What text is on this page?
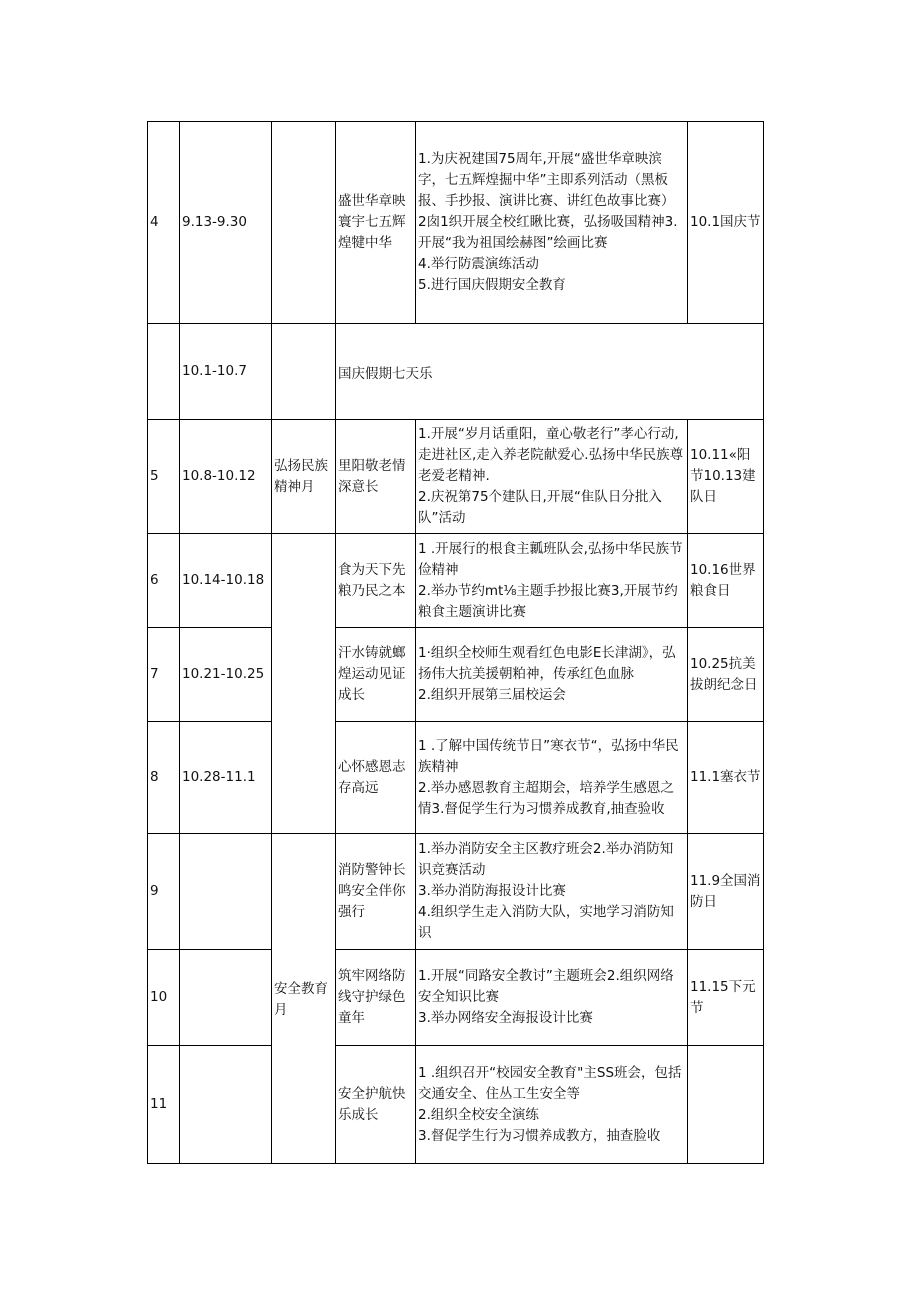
4	9.13-9.30		盛世华章映寰宇七五辉煌犍中华	1.为庆祝建国75周年,开展“盛世华章映滨字，七五辉煌掘中华”主即系列活动（黑板报、手抄报、演讲比赛、讲红色故事比赛）
2囱1织开展全校红瞅比赛，弘扬吸国精神3.开展“我为祖国绘赫图”绘画比赛
4.举行防震演练活动
5.进行国庆假期安全教育	10.1国庆节
	10.1-10.7		国庆假期七天乐		
5	10.8-10.12	弘扬民族精神月	里阳敬老情深意长	1.开展“岁月话重阳，童心敬老行”孝心行动,走进社区,走入养老院献爱心.弘扬中华民族尊老爱老精神.
2.庆祝第75个建队日,开展“隹队日分批入队”活动	10.11«阳节10.13建队日
6	10.14-10.18		食为天下先粮乃民之本	1 .开展行的根食主瓤班队会,弘扬中华民族节俭精神
2.举办节约mt⅛主题手抄报比赛3,开展节约粮食主题演讲比赛	10.16世界粮食日
7	10.21-10.25		汗水铸就螂煌运动见证成长	1·组织全校师生观看红色电影E长津湖》，弘扬伟大抗美援朝粕神，传承红色血脉
2.组织开展第三届校运会	10.25抗美拔朗纪念日
8	10.28-11.1		心怀感恩志存高远	1 .了解中国传统节日”寒衣节“，弘扬中华民族精神
2.举办感恩教育主超期会，培养学生感恩之情3.督促学生行为习惯养成教育,抽查验收	11.1塞衣节
9		安全教育月	消防警钟长鸣安全伴你强行	1.举办消防安全主区教疗班会2.举办消防知识竞赛活动
3.举办消防海报设计比赛
4.组织学生走入消防大队，实地学习消防知识	11.9全国消防日
10			筑牢网络防线守护绿色童年	1.开展“同路安全教讨”主题班会2.组织网络安全知识比赛
3.举办网络安全海报设计比赛	11.15下元节
11			安全护航快乐成长	1 .组织召开“校园安全教育"主SS班会，包括交通安全、住丛工生安全等
2.组织全校安全演练
3.督促学生行为习惯养成教方，抽查脸收	
